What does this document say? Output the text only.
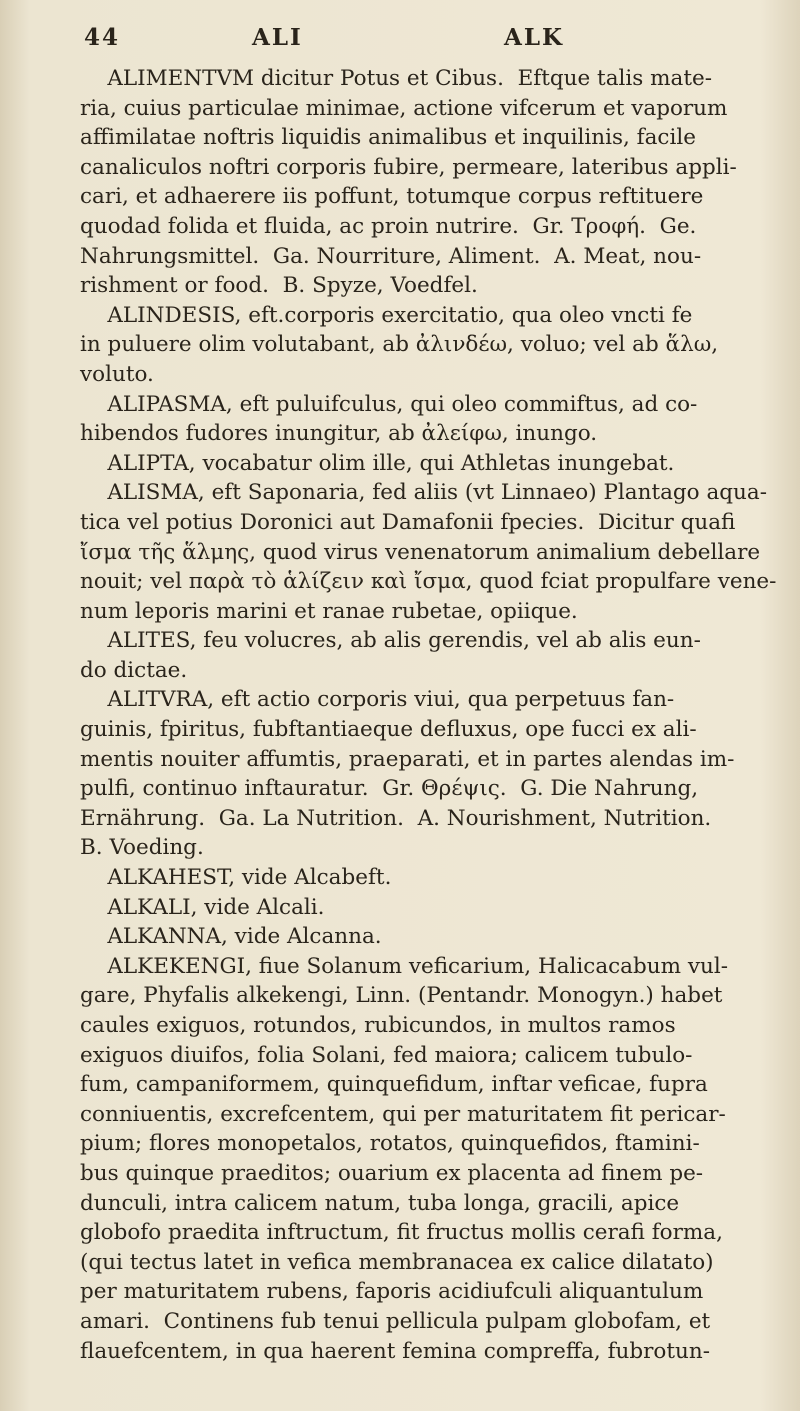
44	ALI	ALK
ALIMENTVM dicitur Potus et Cibus.  Eftque talis mate-
ria, cuius particulae minimae, actione vifcerum et vaporum
affimilatae noftris liquidis animalibus et inquilinis, facile
canaliculos noftri corporis fubire, permeare, lateribus appli-
cari, et adhaerere iis poffunt, totumque corpus reftituere
quodad folida et fluida, ac proin nutrire.  Gr. Τροφή.  Ge.
Nahrungsmittel.  Ga. Nourriture, Aliment.  A. Meat, nou-
rishment or food.  B. Spyze, Voedfel.
ALINDESIS, eft.corporis exercitatio, qua oleo vncti fe
in puluere olim volutabant, ab ἀλινδέω, voluo; vel ab ἅλω,
voluto.
ALIPASMA, eft puluifculus, qui oleo commiftus, ad co-
hibendos fudores inungitur, ab ἀλείφω, inungo.
ALIPTA, vocabatur olim ille, qui Athletas inungebat.
ALISMA, eft Saponaria, fed aliis (vt Linnaeo) Plantago aqua-
tica vel potius Doronici aut Damafonii fpecies.  Dicitur quafi
ἴσμα τῆς ἅλμης, quod virus venenatorum animalium debellare
nouit; vel παρὰ τὸ ἁλίζειν καὶ ἴσμα, quod fciat propulfare vene-
num leporis marini et ranae rubetae, opiique.
ALITES, feu volucres, ab alis gerendis, vel ab alis eun-
do dictae.
ALITVRA, eft actio corporis viui, qua perpetuus fan-
guinis, fpiritus, fubftantiaeque defluxus, ope fucci ex ali-
mentis nouiter affumtis, praeparati, et in partes alendas im-
pulfi, continuo inftauratur.  Gr. Θρέψις.  G. Die Nahrung,
Ernährung.  Ga. La Nutrition.  A. Nourishment, Nutrition.
B. Voeding.
ALKAHEST, vide Alcabeft.
ALKALI, vide Alcali.
ALKANNA, vide Alcanna.
ALKEKENGI, fiue Solanum veficarium, Halicacabum vul-
gare, Phyfalis alkekengi, Linn. (Pentandr. Monogyn.) habet
caules exiguos, rotundos, rubicundos, in multos ramos
exiguos diuifos, folia Solani, fed maiora; calicem tubulo-
fum, campaniformem, quinquefidum, inftar veficae, fupra
conniuentis, excrefcentem, qui per maturitatem fit pericar-
pium; flores monopetalos, rotatos, quinquefidos, ftamini-
bus quinque praeditos; ouarium ex placenta ad finem pe-
dunculi, intra calicem natum, tuba longa, gracili, apice
globofo praedita inftructum, fit fructus mollis cerafi forma,
(qui tectus latet in vefica membranacea ex calice dilatato)
per maturitatem rubens, faporis acidiufculi aliquantulum
amari.  Continens fub tenui pellicula pulpam globofam, et
flauefcentem, in qua haerent femina compreffa, fubrotun-
